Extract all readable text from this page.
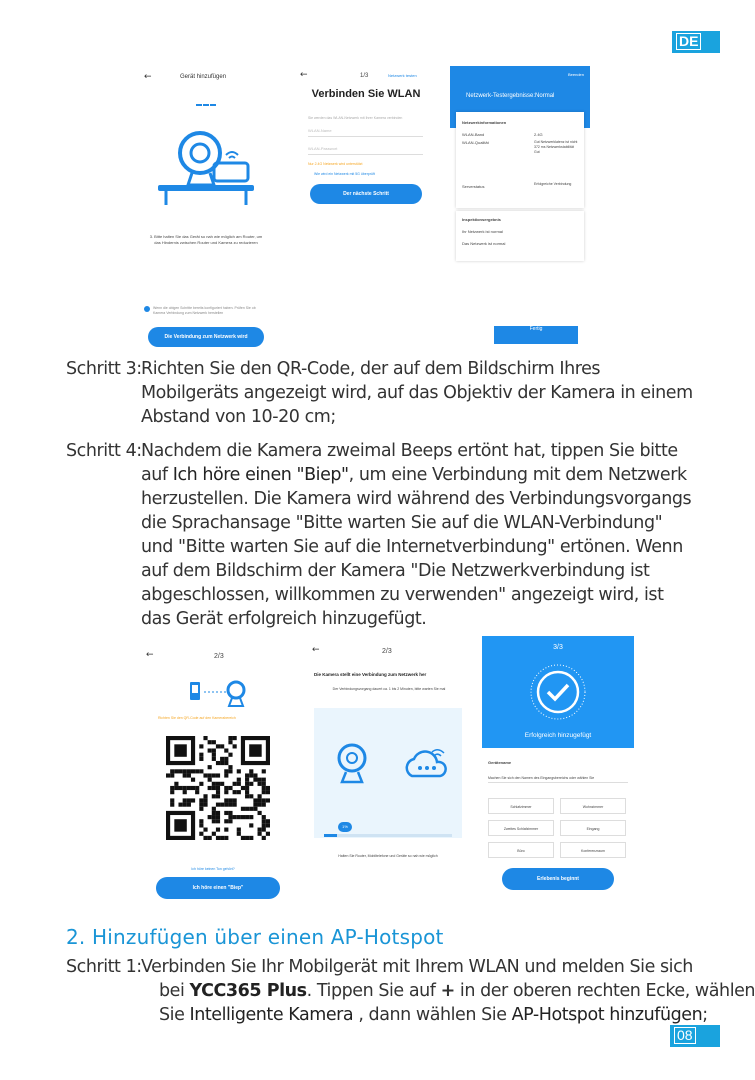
DE
08
←	Gerät hinzufügen
3. Bitte halten Sie das Gerät so nah wie möglich am Router, um das Hindernis zwischen Router und Kamera zu reduzieren
Wenn die obigen Schritte bereits konfiguriert haben. Prüfen Sie ob Kamera Verbindung zum Netzwerk herstellen
Die Verbindung zum Netzwerk wird
←	1/3	Netzwerk testen
Verbinden Sie WLAN
Sie werden das WLAN-Netzwerk mit Ihrer Kamera verbinden
WLAN-Name
WLAN-Passwort
Nur 2.4G Netzwerk wird unterstützt
Wie wird ein Netzwerk mit 5G überprüft
Der nächste Schritt
Beenden
Netzwerk-Testergebnisse:Normal
Netzwerkinformationen
WLAN-Band	2.4G
WLAN-Qualität	Gut Netzwerklatenz ist nicht 372 ms Netzwerkstabilität Gut
Serverstatus	Erfolgreiche Verbindung
Inspektionsergebnis
Ihr Netzwerk ist normal
Das Netzwerk ist normal
Fertig
Schritt 3: Richten Sie den QR-Code, der auf dem Bildschirm Ihres
Mobilgeräts angezeigt wird, auf das Objektiv der Kamera in einem
Abstand von 10-20 cm;
Schritt 4: Nachdem die Kamera zweimal Beeps ertönt hat, tippen Sie bitte
auf Ich höre einen "Biep", um eine Verbindung mit dem Netzwerk
herzustellen. Die Kamera wird während des Verbindungsvorgangs
die Sprachansage "Bitte warten Sie auf die WLAN-Verbindung"
und "Bitte warten Sie auf die Internetverbindung" ertönen. Wenn
auf dem Bildschirm der Kamera "Die Netzwerkverbindung ist
abgeschlossen, willkommen zu verwenden" angezeigt wird, ist
das Gerät erfolgreich hinzugefügt.
←	2/3
Richten Sie den QR-Code auf den Kamerabereich
Ich höre keinen Ton gehört?
Ich höre einen "Biep"
←	2/3
Die Kamera stellt eine Verbindung zum Netzwerk her
Der Verbindungsvorgang dauert ca. 1 bis 2 Minuten, bitte warten Sie mal
1%
Halten Sie Router, Mobiltelefone und Geräte so nah wie möglich
3/3
Erfolgreich hinzugefügt
Gerätename
Machen Sie sich den Namen des Eingangsbereichs oder wählen Sie
Schlafzimmer	Wohnzimmer
Zweites Schlafzimmer	Eingang
Büro	Konferenzraum
Erlebenis beginnt
2. Hinzufügen über einen AP-Hotspot
Schritt 1: Verbinden Sie Ihr Mobilgerät mit Ihrem WLAN und melden Sie sich
bei YCC365 Plus. Tippen Sie auf + in der oberen rechten Ecke, wählen
Sie Intelligente Kamera , dann wählen Sie AP-Hotspot hinzufügen;
